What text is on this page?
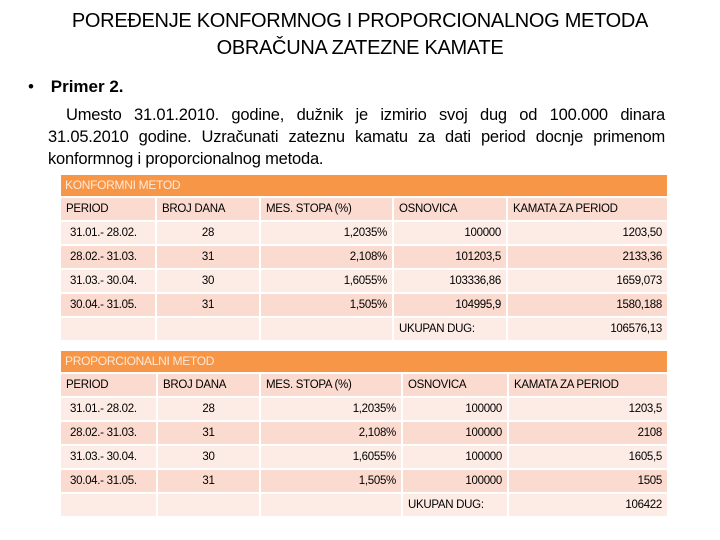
POREĐENJE KONFORMNOG I PROPORCIONALNOG METODA
OBRAČUNA ZATEZNE KAMATE
• Primer 2.
Umesto 31.01.2010. godine, dužnik je izmirio svoj dug od 100.000 dinara 31.05.2010 godine. Uzračunati zateznu kamatu za dati period docnje primenom konformnog i proporcionalnog metoda.
KONFORMNI METOD
PERIOD	BROJ DANA	MES. STOPA (%)	OSNOVICA	KAMATA ZA PERIOD
31.01.- 28.02.	28	1,2035%	100000	1203,50
28.02.- 31.03.	31	2,108%	101203,5	2133,36
31.03.- 30.04.	30	1,6055%	103336,86	1659,073
30.04.- 31.05.	31	1,505%	104995,9	1580,188
UKUPAN DUG:	106576,13
PROPORCIONALNI METOD
PERIOD	BROJ DANA	MES. STOPA (%)	OSNOVICA	KAMATA ZA PERIOD
31.01.- 28.02.	28	1,2035%	100000	1203,5
28.02.- 31.03.	31	2,108%	100000	2108
31.03.- 30.04.	30	1,6055%	100000	1605,5
30.04.- 31.05.	31	1,505%	100000	1505
UKUPAN DUG:	106422
